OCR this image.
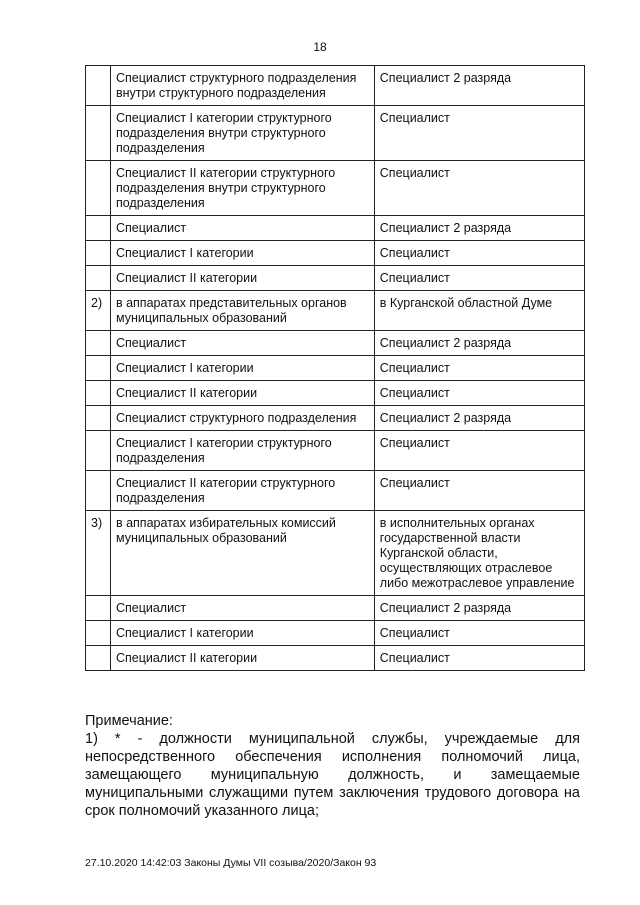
18
	Специалист структурного подразделения внутри структурного подразделения	Специалист 2 разряда
	Специалист I категории структурного подразделения внутри структурного подразделения	Специалист
	Специалист II категории структурного подразделения внутри структурного подразделения	Специалист
	Специалист	Специалист 2 разряда
	Специалист I категории	Специалист
	Специалист II категории	Специалист
2)	в аппаратах представительных органов муниципальных образований	в Курганской областной Думе
	Специалист	Специалист 2 разряда
	Специалист I категории	Специалист
	Специалист II категории	Специалист
	Специалист структурного подразделения	Специалист 2 разряда
	Специалист I категории структурного подразделения	Специалист
	Специалист II категории структурного подразделения	Специалист
3)	в аппаратах избирательных комиссий муниципальных образований	в исполнительных органах государственной власти Курганской области, осуществляющих отраслевое либо межотраслевое управление
	Специалист	Специалист 2 разряда
	Специалист I категории	Специалист
	Специалист II категории	Специалист

Примечание:

1) * - должности муниципальной службы, учреждаемые для непосредственного обеспечения исполнения полномочий лица, замещающего муниципальную должность, и замещаемые муниципальными служащими путем заключения трудового договора на срок полномочий указанного лица;

27.10.2020 14:42:03 Законы Думы VII созыва/2020/Закон 93
